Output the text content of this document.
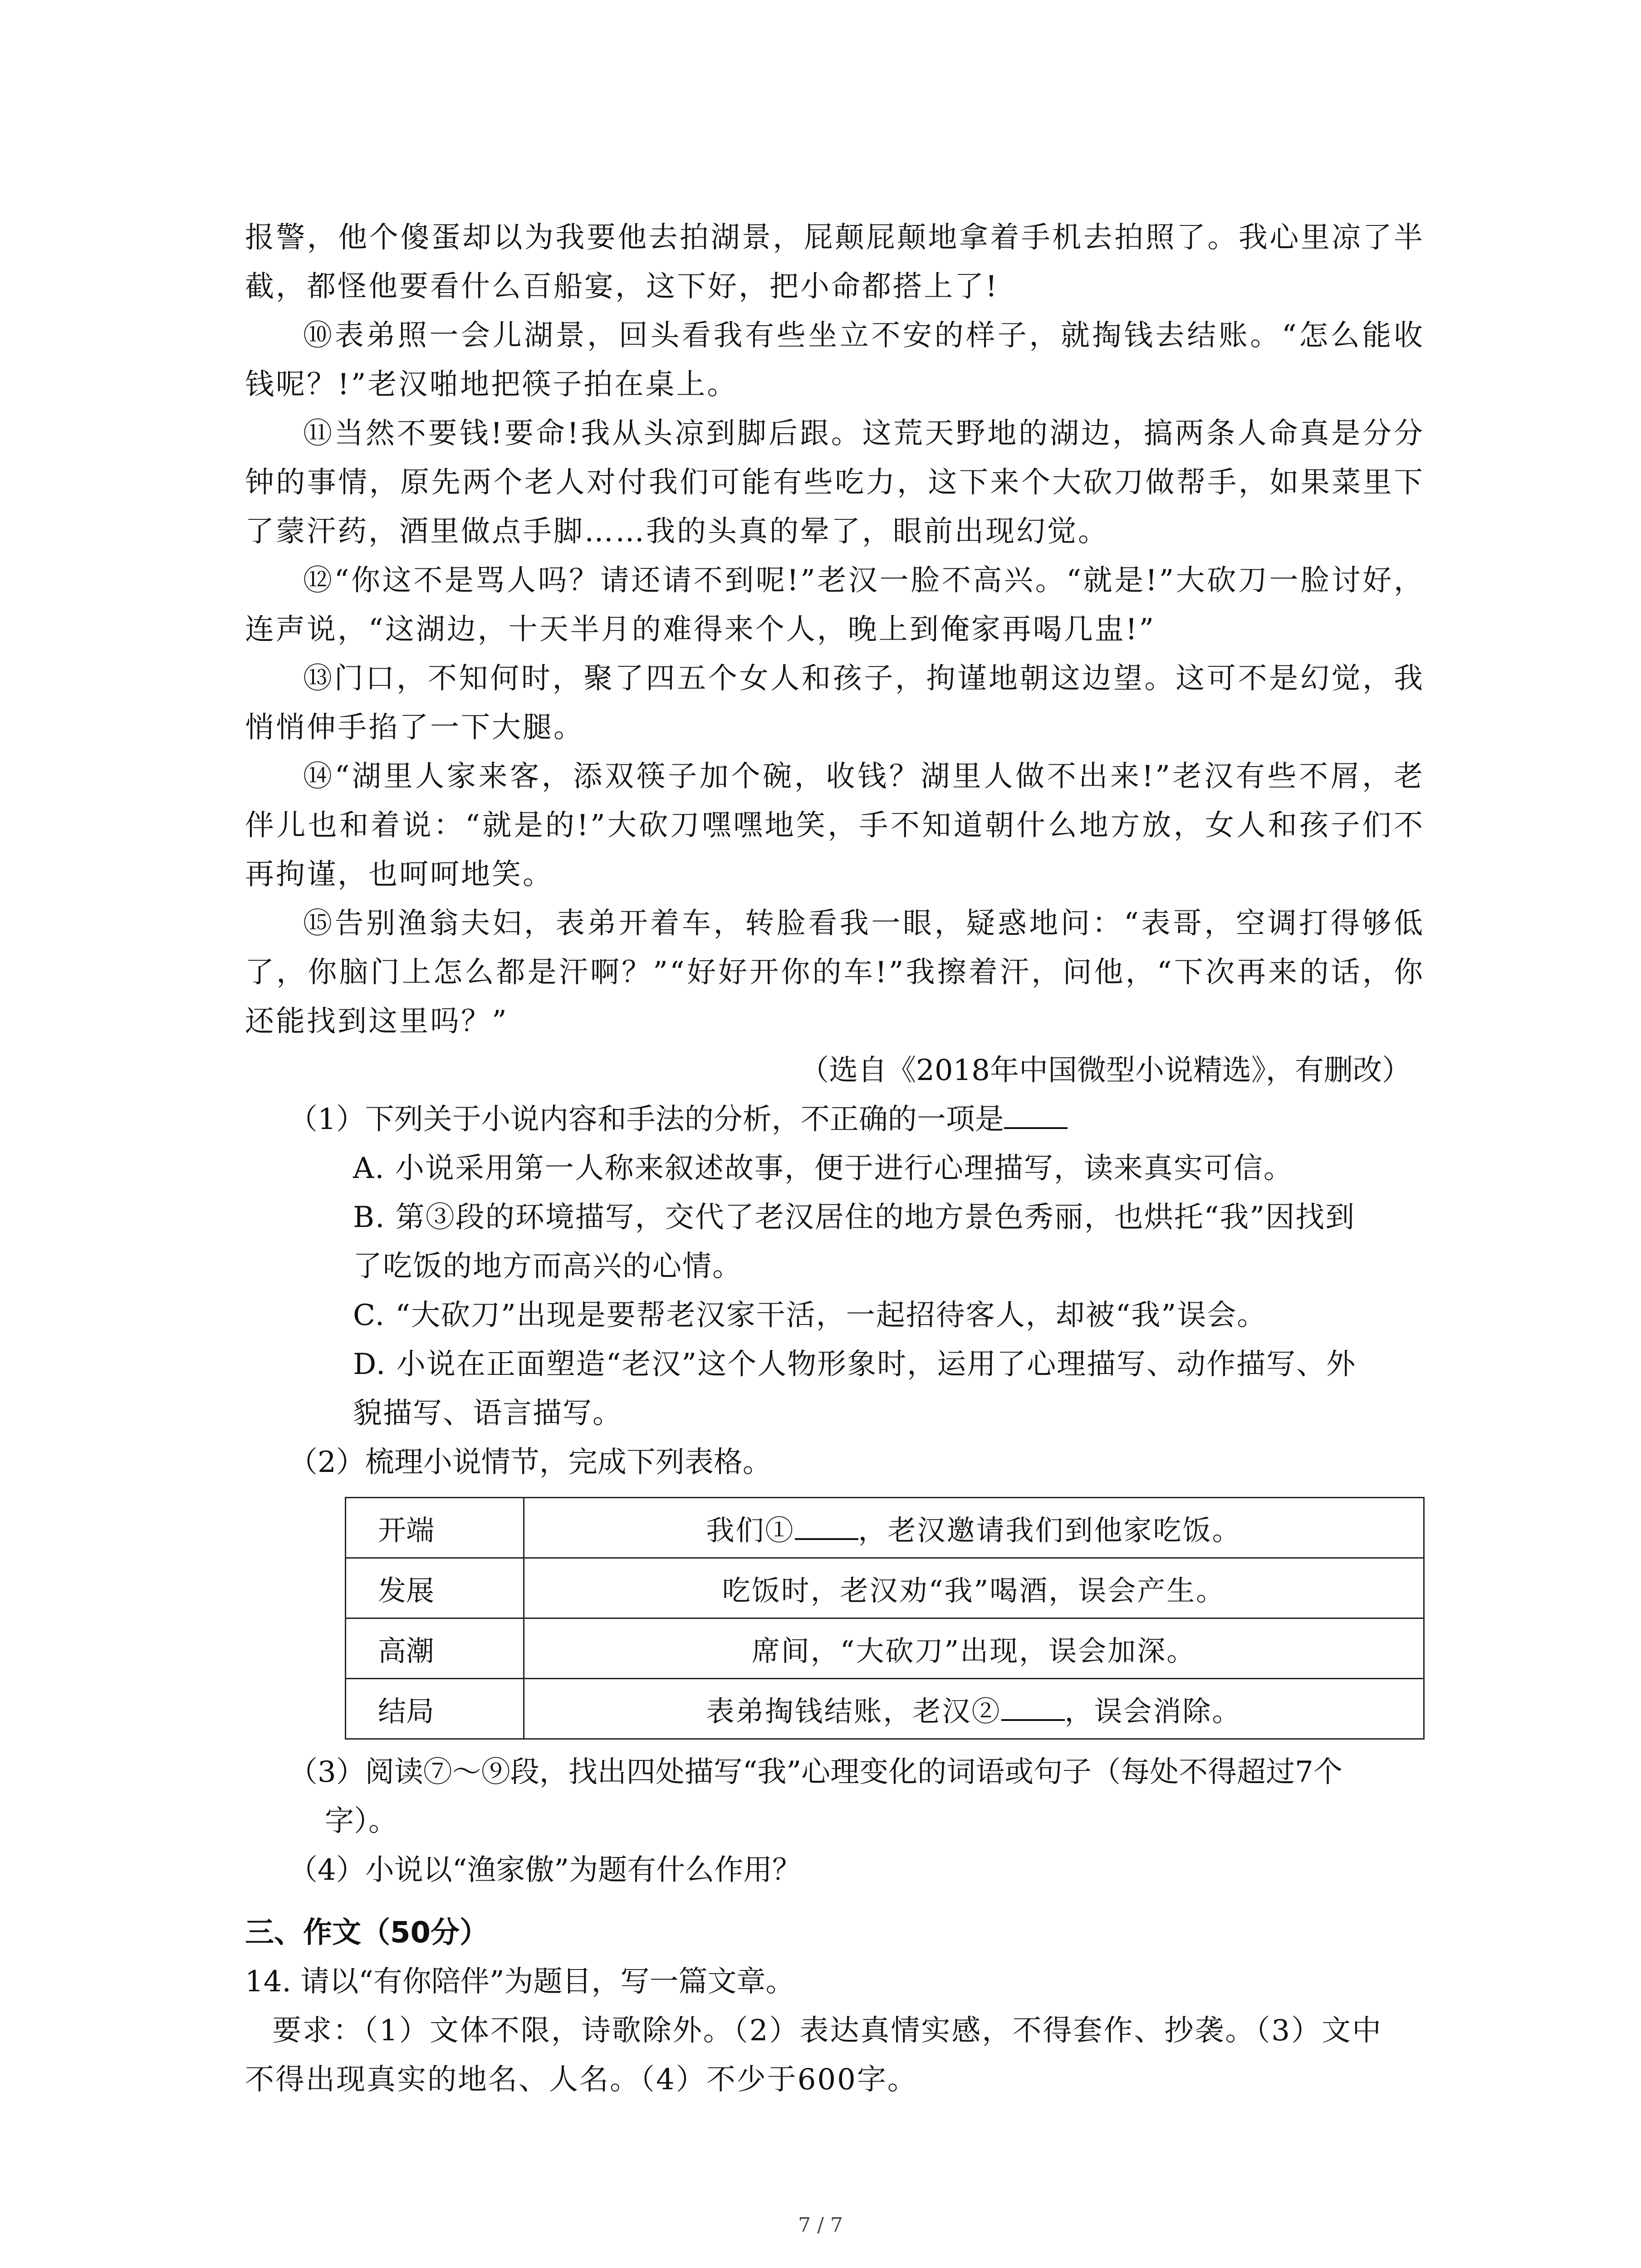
报警，他个傻蛋却以为我要他去拍湖景，屁颠屁颠地拿着手机去拍照了。我心里凉了半截，都怪他要看什么百船宴，这下好，把小命都搭上了!

⑩表弟照一会儿湖景，回头看我有些坐立不安的样子，就掏钱去结账。“怎么能收钱呢？!”老汉啪地把筷子拍在桌上。

⑪当然不要钱!要命!我从头凉到脚后跟。这荒天野地的湖边，搞两条人命真是分分钟的事情，原先两个老人对付我们可能有些吃力，这下来个大砍刀做帮手，如果菜里下了蒙汗药，酒里做点手脚……我的头真的晕了，眼前出现幻觉。

⑫“你这不是骂人吗？请还请不到呢!”老汉一脸不高兴。“就是!”大砍刀一脸讨好，连声说，“这湖边，十天半月的难得来个人，晚上到俺家再喝几盅!”

⑬门口，不知何时，聚了四五个女人和孩子，拘谨地朝这边望。这可不是幻觉，我悄悄伸手掐了一下大腿。

⑭“湖里人家来客，添双筷子加个碗，收钱？湖里人做不出来!”老汉有些不屑，老伴儿也和着说：“就是的!”大砍刀嘿嘿地笑，手不知道朝什么地方放，女人和孩子们不再拘谨，也呵呵地笑。

⑮告别渔翁夫妇，表弟开着车，转脸看我一眼，疑惑地问：“表哥，空调打得够低了，你脑门上怎么都是汗啊？”“好好开你的车!”我擦着汗，问他，“下次再来的话，你还能找到这里吗？”

（选自《2018年中国微型小说精选》，有删改）

（1）下列关于小说内容和手法的分析，不正确的一项是

A. 小说采用第一人称来叙述故事，便于进行心理描写，读来真实可信。

B. 第③段的环境描写，交代了老汉居住的地方景色秀丽，也烘托“我”因找到

了吃饭的地方而高兴的心情。

C. “大砍刀”出现是要帮老汉家干活，一起招待客人，却被“我”误会。

D. 小说在正面塑造“老汉”这个人物形象时，运用了心理描写、动作描写、外

貌描写、语言描写。

（2）梳理小说情节，完成下列表格。

开端	我们① ，老汉邀请我们到他家吃饭。
发展	吃饭时，老汉劝“我”喝酒，误会产生。
高潮	席间，“大砍刀”出现，误会加深。
结局	表弟掏钱结账，老汉② ，误会消除。

（3）阅读⑦～⑨段，找出四处描写“我”心理变化的词语或句子（每处不得超过7个

字）。

（4）小说以“渔家傲”为题有什么作用？

三、作文（50分）

14. 请以“有你陪伴”为题目，写一篇文章。

要求：（1）文体不限，诗歌除外。（2）表达真情实感，不得套作、抄袭。（3）文中

不得出现真实的地名、人名。（4）不少于600字。

7 / 7
